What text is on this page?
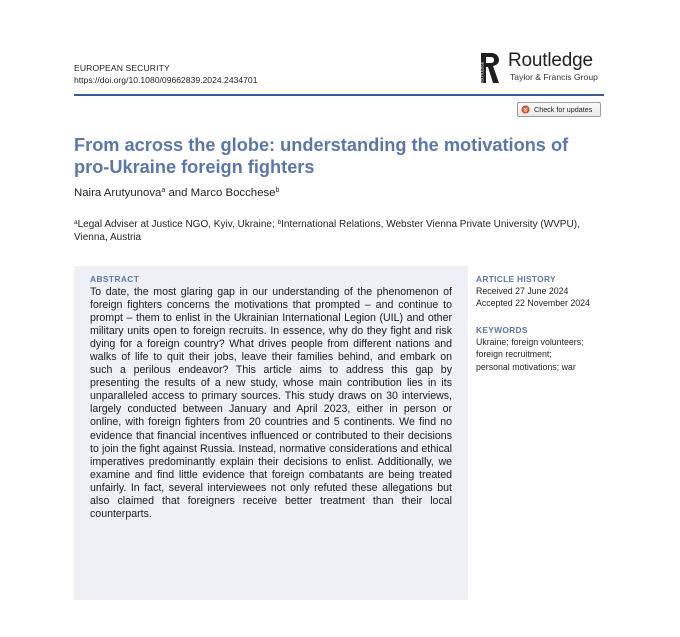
EUROPEAN SECURITY
https://doi.org/10.1080/09662839.2024.2434701	ROUTLEDGE
Routledge
Taylor & Francis Group
Check for updates
From across the globe: understanding the motivations of
pro-Ukraine foreign fighters
Naira Arutyunova$^a$ and Marco Bocchese$^b$
$^a$Legal Adviser at Justice NGO, Kyiv, Ukraine; $^b$International Relations, Webster Vienna Private University (WVPU), Vienna, Austria
ABSTRACT
To date, the most glaring gap in our understanding of the phenomenon of foreign fighters concerns the motivations that prompted – and continue to prompt – them to enlist in the Ukrainian International Legion (UIL) and other military units open to foreign recruits. In essence, why do they fight and risk dying for a foreign country? What drives people from different nations and walks of life to quit their jobs, leave their families behind, and embark on such a perilous endeavor? This article aims to address this gap by presenting the results of a new study, whose main contribution lies in its unparalleled access to primary sources. This study draws on 30 interviews, largely conducted between January and April 2023, either in person or online, with foreign fighters from 20 countries and 5 continents. We find no evidence that financial incentives influenced or contributed to their decisions to join the fight against Russia. Instead, normative considerations and ethical imperatives predominantly explain their decisions to enlist. Additionally, we examine and find little evidence that foreign combatants are being treated unfairly. In fact, several interviewees not only refuted these allegations but also claimed that foreigners receive better treatment than their local counterparts.
ARTICLE HISTORY
Received 27 June 2024
Accepted 22 November 2024
KEYWORDS
Ukraine; foreign volunteers;
foreign recruitment;
personal motivations; war
